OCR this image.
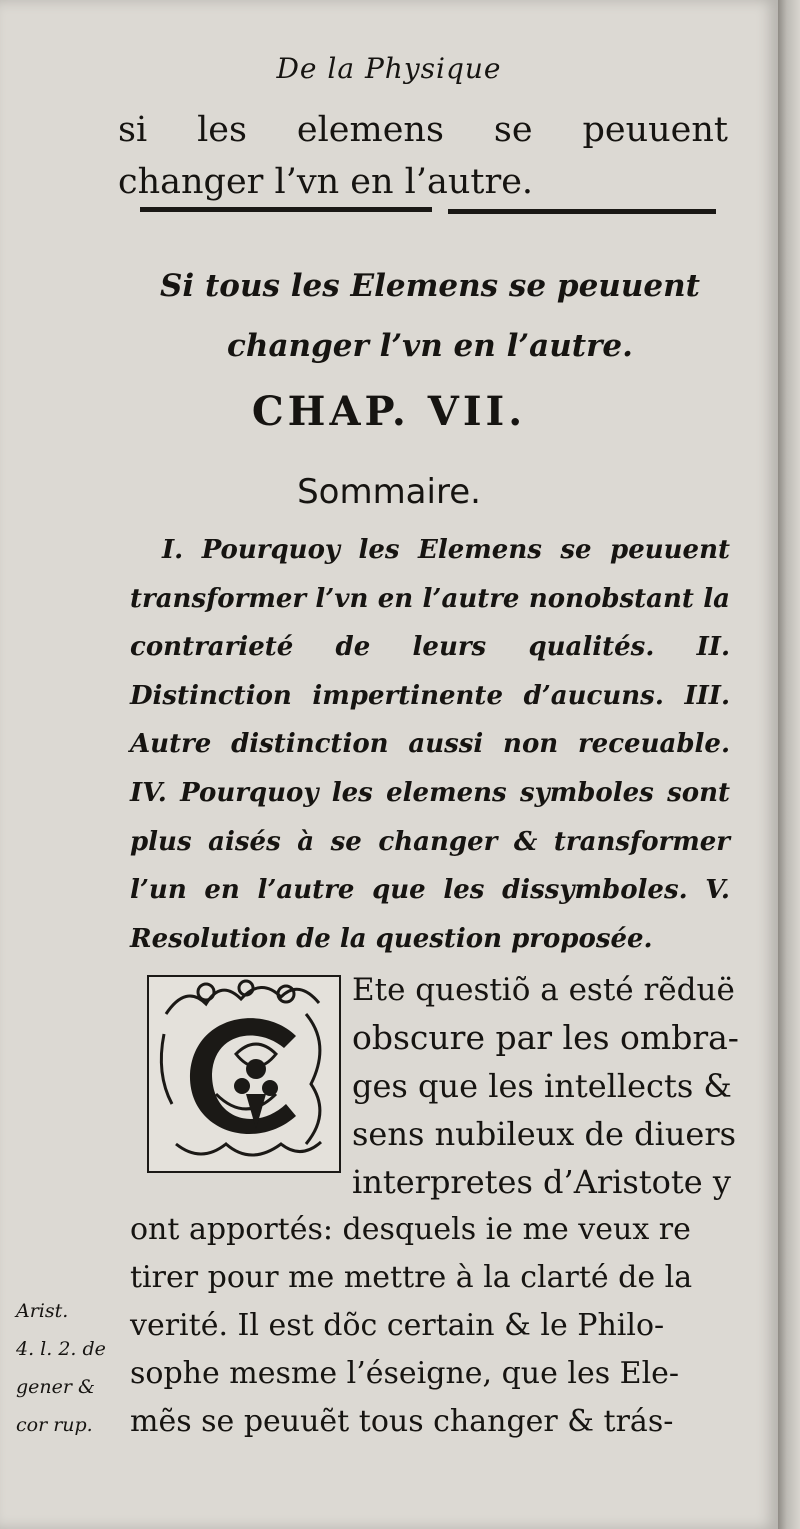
De la Physique
si les elemens se peuuent changer l’vn en l’autre.
Si tous les Elemens se peuuent
changer l’vn en l’autre.
CHAP. VII.
Sommaire.
I. Pourquoy les Elemens se peuuent transformer l’vn en l’autre nonobstant la contrarieté de leurs qualités. II. Distinction impertinente d’aucuns. III. Autre distinction aussi non receuable. IV. Pourquoy les elemens symboles sont plus aisés à se changer & transformer l’un en l’autre que les dissymboles. V. Resolution de la question proposée.
Ete questiõ a esté rẽduë
obscure par les ombra-
ges que les intellects &
sens nubileux de diuers
interpretes d’Aristote y
ont apportés: desquels ie me veux re
tirer pour me mettre à la clarté de la
verité. Il est dõc certain & le Philo-
sophe mesme l’éseigne, que les Ele-
mẽs se peuuẽt tous changer & trás-
Arist.
4. l. 2. de
gener &
cor rup.
